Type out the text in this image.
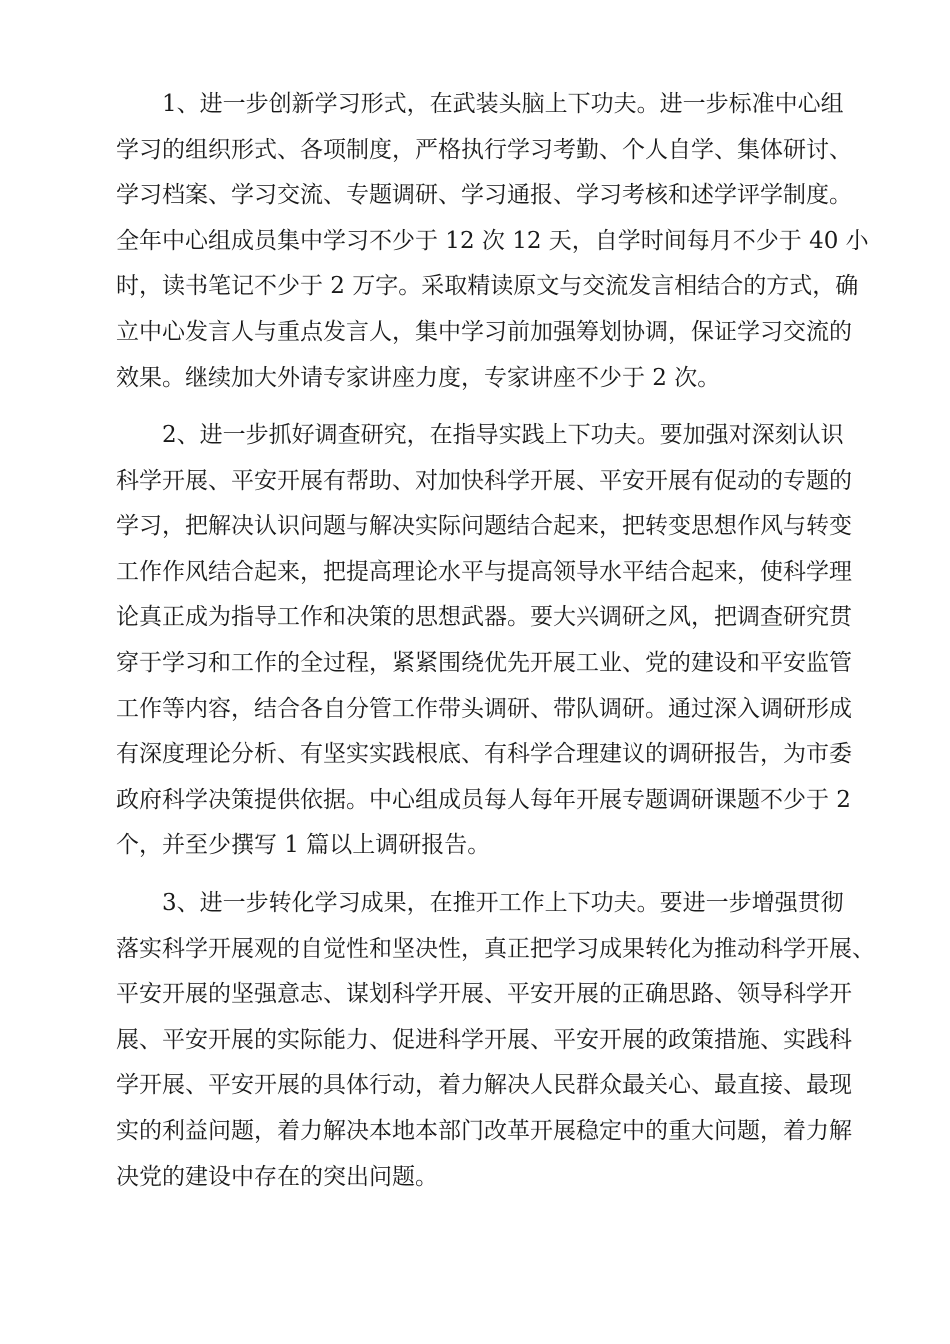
1、进一步创新学习形式，在武装头脑上下功夫。进一步标准中心组
学习的组织形式、各项制度，严格执行学习考勤、个人自学、集体研讨、
学习档案、学习交流、专题调研、学习通报、学习考核和述学评学制度。
全年中心组成员集中学习不少于 12 次 12 天，自学时间每月不少于 40 小
时，读书笔记不少于 2 万字。采取精读原文与交流发言相结合的方式，确
立中心发言人与重点发言人，集中学习前加强筹划协调，保证学习交流的
效果。继续加大外请专家讲座力度，专家讲座不少于 2 次。
2、进一步抓好调查研究，在指导实践上下功夫。要加强对深刻认识
科学开展、平安开展有帮助、对加快科学开展、平安开展有促动的专题的
学习，把解决认识问题与解决实际问题结合起来，把转变思想作风与转变
工作作风结合起来，把提高理论水平与提高领导水平结合起来，使科学理
论真正成为指导工作和决策的思想武器。要大兴调研之风，把调查研究贯
穿于学习和工作的全过程，紧紧围绕优先开展工业、党的建设和平安监管
工作等内容，结合各自分管工作带头调研、带队调研。通过深入调研形成
有深度理论分析、有坚实实践根底、有科学合理建议的调研报告，为市委
政府科学决策提供依据。中心组成员每人每年开展专题调研课题不少于 2
个，并至少撰写 1 篇以上调研报告。
3、进一步转化学习成果，在推开工作上下功夫。要进一步增强贯彻
落实科学开展观的自觉性和坚决性，真正把学习成果转化为推动科学开展、
平安开展的坚强意志、谋划科学开展、平安开展的正确思路、领导科学开
展、平安开展的实际能力、促进科学开展、平安开展的政策措施、实践科
学开展、平安开展的具体行动，着力解决人民群众最关心、最直接、最现
实的利益问题，着力解决本地本部门改革开展稳定中的重大问题，着力解
决党的建设中存在的突出问题。
